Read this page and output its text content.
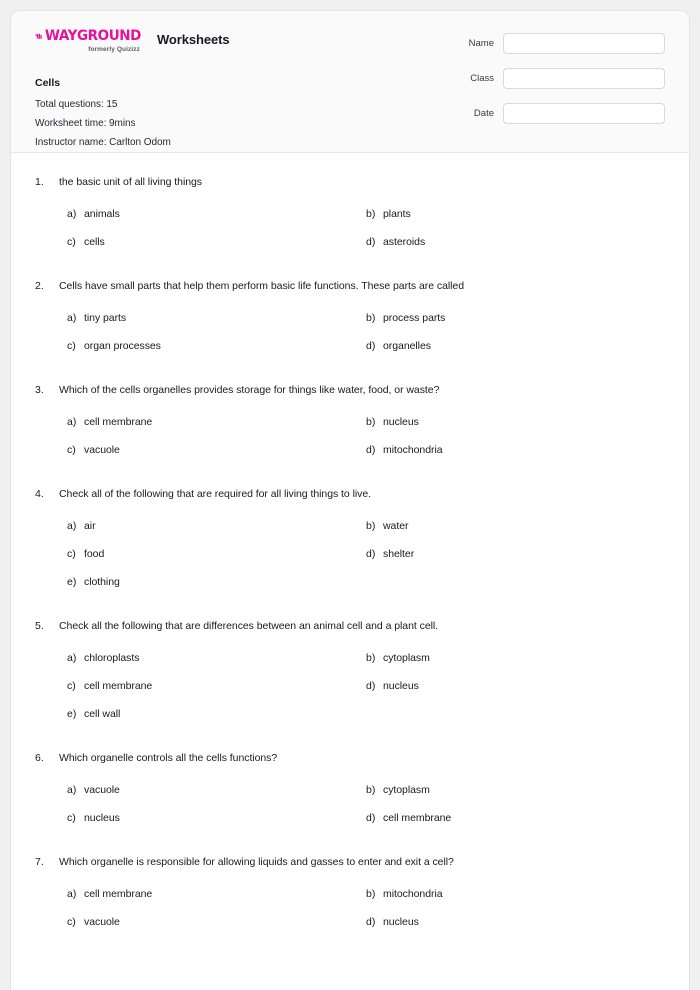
WAYGROUND
formerly Quizizz
Worksheets
Cells
Total questions: 15
Worksheet time: 9mins
Instructor name: Carlton Odom
Name
Class
Date
1.	the basic unit of all living things
a) animals	b) plants
c) cells	d) asteroids
2.	Cells have small parts that help them perform basic life functions. These parts are called
a) tiny parts	b) process parts
c) organ processes	d) organelles
3.	Which of the cells organelles provides storage for things like water, food, or waste?
a) cell membrane	b) nucleus
c) vacuole	d) mitochondria
4.	Check all of the following that are required for all living things to live.
a) air	b) water
c) food	d) shelter
e) clothing
5.	Check all the following that are differences between an animal cell and a plant cell.
a) chloroplasts	b) cytoplasm
c) cell membrane	d) nucleus
e) cell wall
6.	Which organelle controls all the cells functions?
a) vacuole	b) cytoplasm
c) nucleus	d) cell membrane
7.	Which organelle is responsible for allowing liquids and gasses to enter and exit a cell?
a) cell membrane	b) mitochondria
c) vacuole	d) nucleus
